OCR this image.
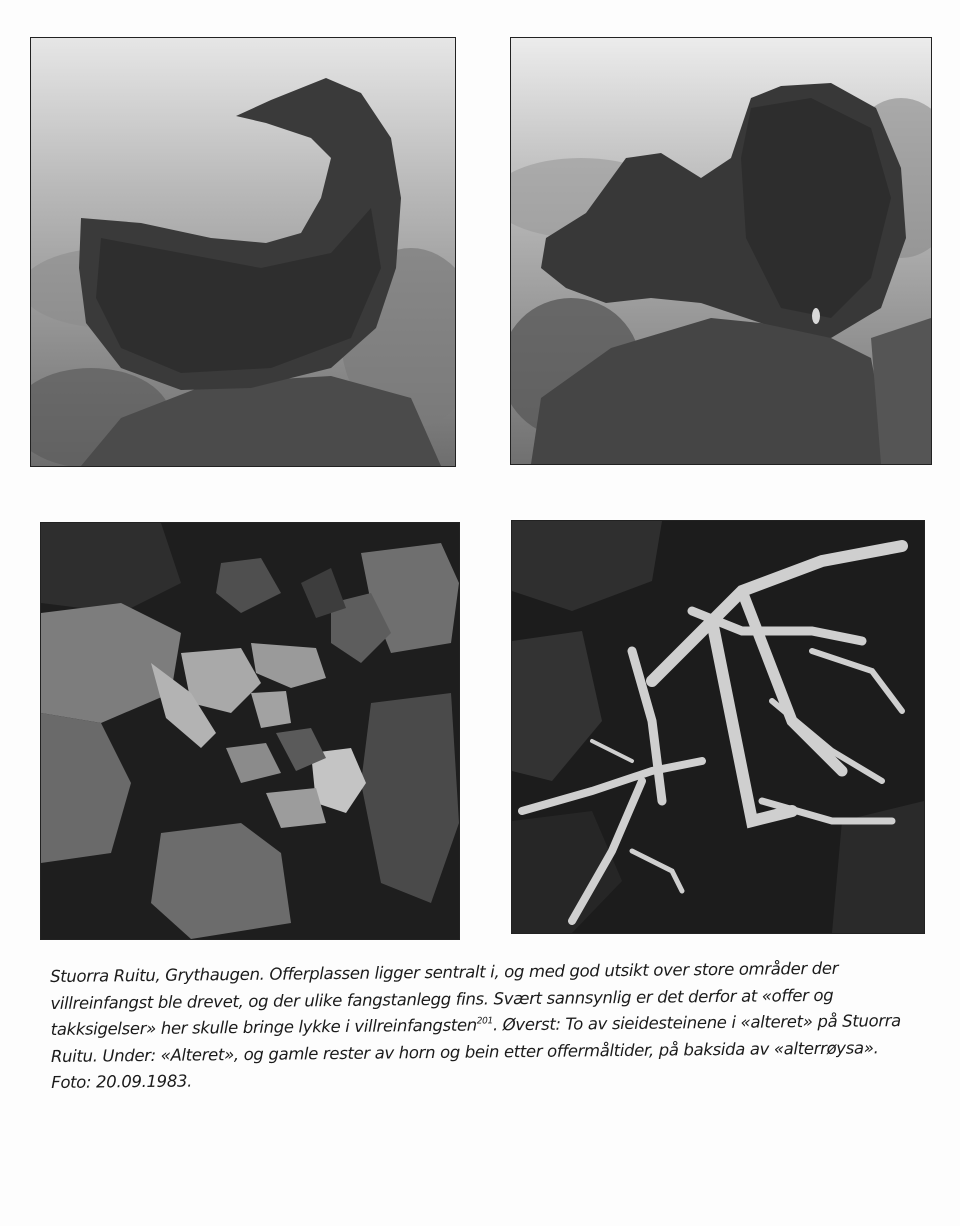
Stuorra Ruitu, Grythaugen. Offerplassen ligger sentralt i, og med god utsikt over store områder der villreinfangst ble drevet, og der ulike fangstanlegg fins. Svært sannsynlig er det derfor at «offer og takksigelser» her skulle bringe lykke i villreinfangsten$^{201}$. Øverst: To av sieidesteinene i «alteret» på Stuorra Ruitu. Under: «Alteret», og gamle rester av horn og bein etter offermåltider, på baksida av «alterrøysa». Foto: 20.09.1983.
